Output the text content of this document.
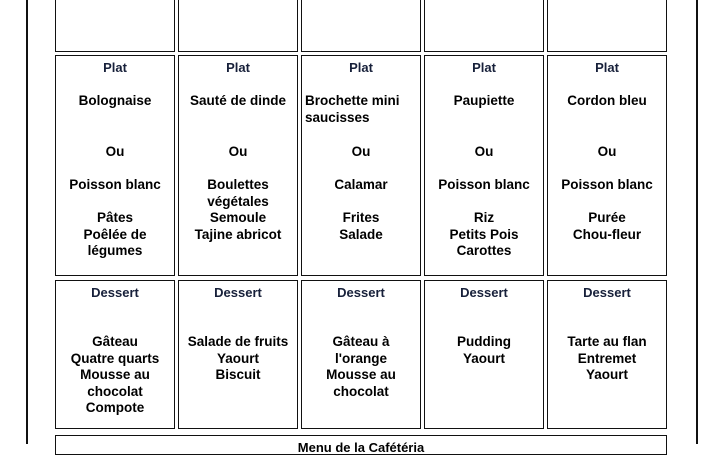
Plat
Bolognaise
Ou
Poisson blanc
Pâtes
Poêlée de
légumes
Plat
Sauté de dinde
Ou
Boulettes
végétales
Semoule
Tajine abricot
Plat
Brochette mini
saucisses
Ou
Calamar
Frites
Salade
Plat
Paupiette
Ou
Poisson blanc
Riz
Petits Pois
Carottes
Plat
Cordon bleu
Ou
Poisson blanc
Purée
Chou-fleur
Dessert
Gâteau
Quatre quarts
Mousse au
chocolat
Compote
Dessert
Salade de fruits
Yaourt
Biscuit
Dessert
Gâteau à
l'orange
Mousse au
chocolat
Dessert
Pudding
Yaourt
Dessert
Tarte au flan
Entremet
Yaourt
Menu de la Cafétéria
